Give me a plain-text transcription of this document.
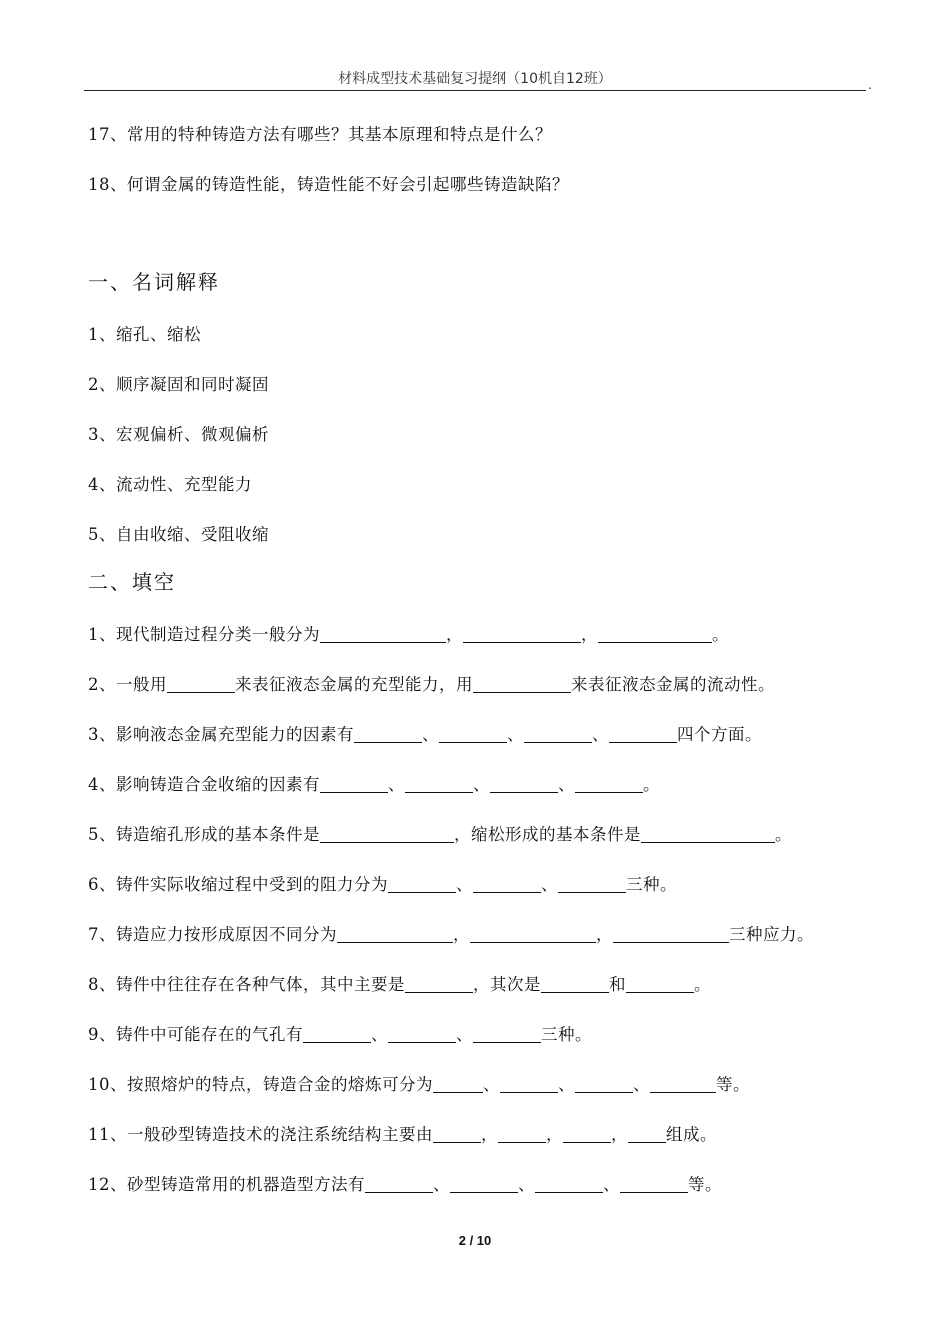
材料成型技术基础复习提纲（10机自12班）	.
17、常用的特种铸造方法有哪些？其基本原理和特点是什么？
18、何谓金属的铸造性能，铸造性能不好会引起哪些铸造缺陷？
一、名词解释
1、缩孔、缩松
2、顺序凝固和同时凝固
3、宏观偏析、微观偏析
4、流动性、充型能力
5、自由收缩、受阻收缩
二、填空
1、现代制造过程分类一般分为	，	，	。
2、一般用	来表征液态金属的充型能力，用	来表征液态金属的流动性。
3、影响液态金属充型能力的因素有	、	、	、	四个方面。
4、影响铸造合金收缩的因素有	、	、	、	。
5、铸造缩孔形成的基本条件是	，缩松形成的基本条件是	。
6、铸件实际收缩过程中受到的阻力分为	、	、	三种。
7、铸造应力按形成原因不同分为	，	，	三种应力。
8、铸件中往往存在各种气体，其中主要是	，其次是	和	。
9、铸件中可能存在的气孔有	、	、	三种。
10、按照熔炉的特点，铸造合金的熔炼可分为	、	、	、	等。
11、一般砂型铸造技术的浇注系统结构主要由	，	，	， 组成。
12、砂型铸造常用的机器造型方法有	、	、	、	等。
2 / 10
